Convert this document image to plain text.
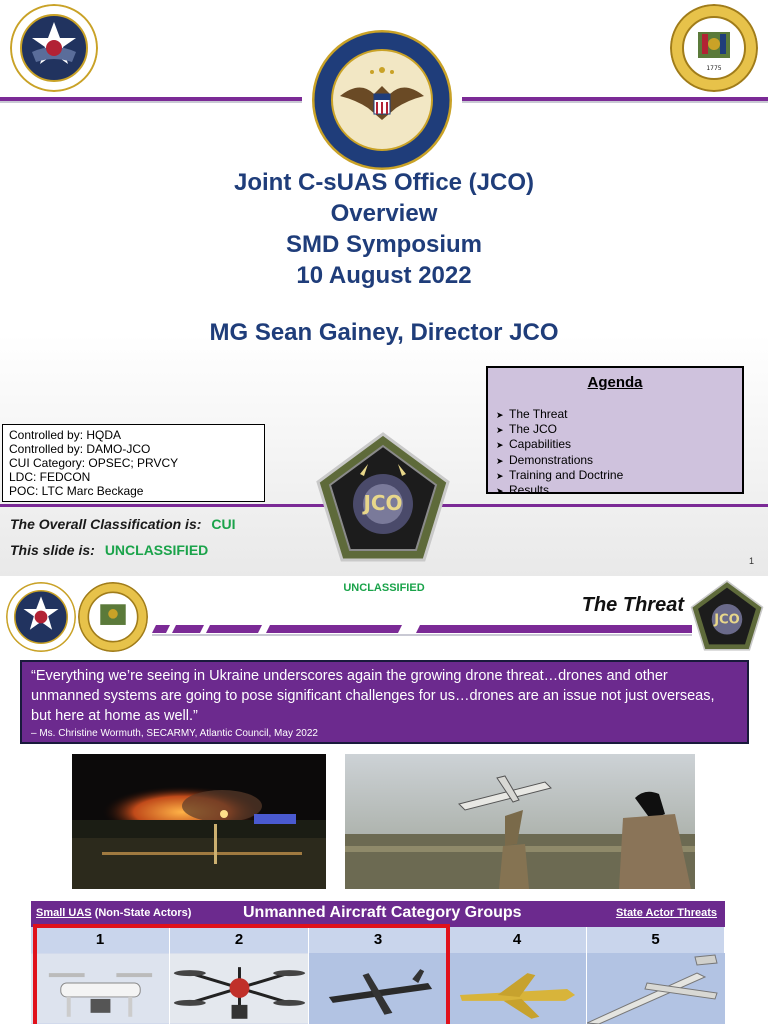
1775
Joint C-sUAS Office (JCO)
Overview
SMD Symposium
10 August 2022
MG Sean Gainey, Director JCO
Agenda
➤ The Threat
➤ The JCO
➤ Capabilities
➤ Demonstrations
➤ Training and Doctrine
➤ Results
Controlled by: HQDA
Controlled by: DAMO-JCO
CUI Category: OPSEC; PRVCY
LDC: FEDCON
POC: LTC Marc Beckage	JCO
The Overall Classification is: CUI
This slide is: UNCLASSIFIED
1
UNCLASSIFIED
The Threat
JCO
“Everything we’re seeing in Ukraine underscores again the growing drone threat…drones and other unmanned systems are going to pose significant challenges for us…drones are an issue not just overseas, but here at home as well.”
– Ms. Christine Wormuth, SECARMY, Atlantic Council, May 2022
Small UAS (Non-State Actors)	Unmanned Aircraft Category Groups	State Actor Threats
1	2	3	4	5
